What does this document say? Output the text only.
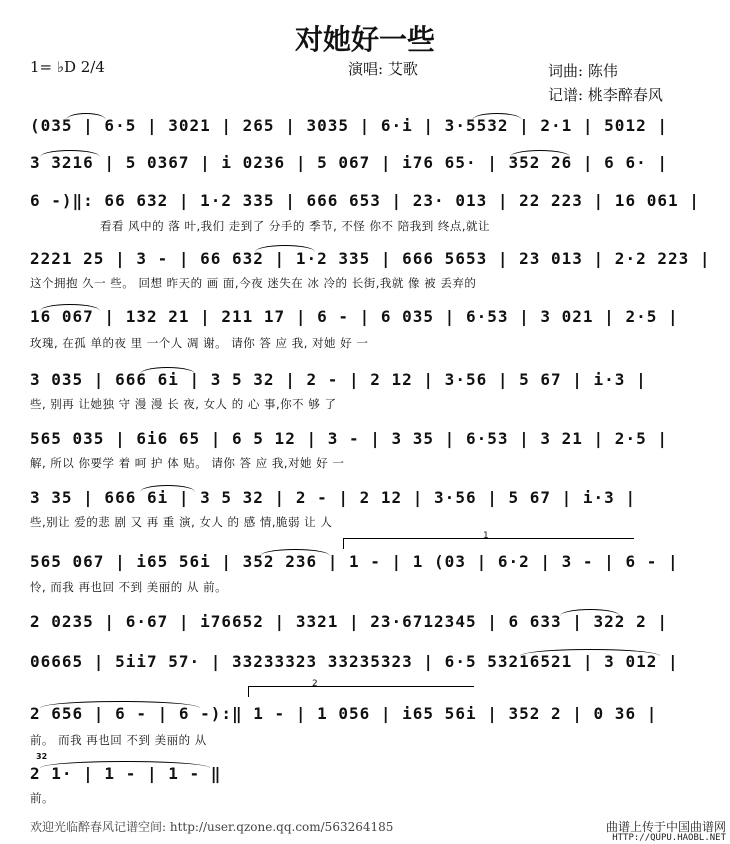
对她好一些
1= ♭D 2/4	演唱: 艾歌	词曲: 陈伟
记谱: 桃李醉春风
(035 | 6·5 | 3021 | 265 | 3035 | 6·i | 3·5532 | 2·1 | 5012 |
3 3216 | 5 0367 | i 0236 | 5 067 | i76 65· | 352 26 | 6 6· |
6 -)‖: 66 632 | 1·2 335 | 666 653 | 23· 013 | 22 223 | 16 061 |
看看 风中的 落 叶,我们 走到了 分手的 季节, 不怪 你不 陪我到 终点,就让
2221 25 | 3 - | 66 632 | 1·2 335 | 666 5653 | 23 013 | 2·2 223 |
这个拥抱 久一 些。 回想 昨天的 画 面,今夜 迷失在 冰 冷的 长街,我就 像 被 丢弃的
16 067 | 132 21 | 211 17 | 6 - | 6 035 | 6·53 | 3 021 | 2·5 |
玫瑰, 在孤 单的夜 里 一个人 凋 谢。 请你 答 应 我, 对她 好 一
3 035 | 666 6i | 3 5 32 | 2 - | 2 12 | 3·56 | 5 67 | i·3 |
些, 别再 让她独 守 漫 漫 长 夜, 女人 的 心 事,你不 够 了
565 035 | 6i6 65 | 6 5 12 | 3 - | 3 35 | 6·53 | 3 21 | 2·5 |
解, 所以 你要学 着 呵 护 体 贴。 请你 答 应 我,对她 好 一
3 35 | 666 6i | 3 5 32 | 2 - | 2 12 | 3·56 | 5 67 | i·3 |
些,别让 爱的悲 剧 又 再 重 演, 女人 的 感 情,脆弱 让 人
1
565 067 | i65 56i | 352 236 | 1 - | 1 (03 | 6·2 | 3 - | 6 - |
怜, 而我 再也回 不到 美丽的 从 前。
2 0235 | 6·67 | i76652 | 3321 | 23·6712345 | 6 633 | 322 2 |
06665 | 5ii7 57· | 33233323 33235323 | 6·5 53216521 | 3 012 |
2
2 656 | 6 - | 6 -):‖ 1 - | 1 056 | i65 56i | 352 2 | 0 36 |
前。 而我 再也回 不到 美丽的 从
32
2 1· | 1 - | 1 - ‖
前。
欢迎光临醉春风记谱空间: http://user.qzone.qq.com/563264185	曲谱上传于中国曲谱网
HTTP://QUPU.HAOBL.NET
